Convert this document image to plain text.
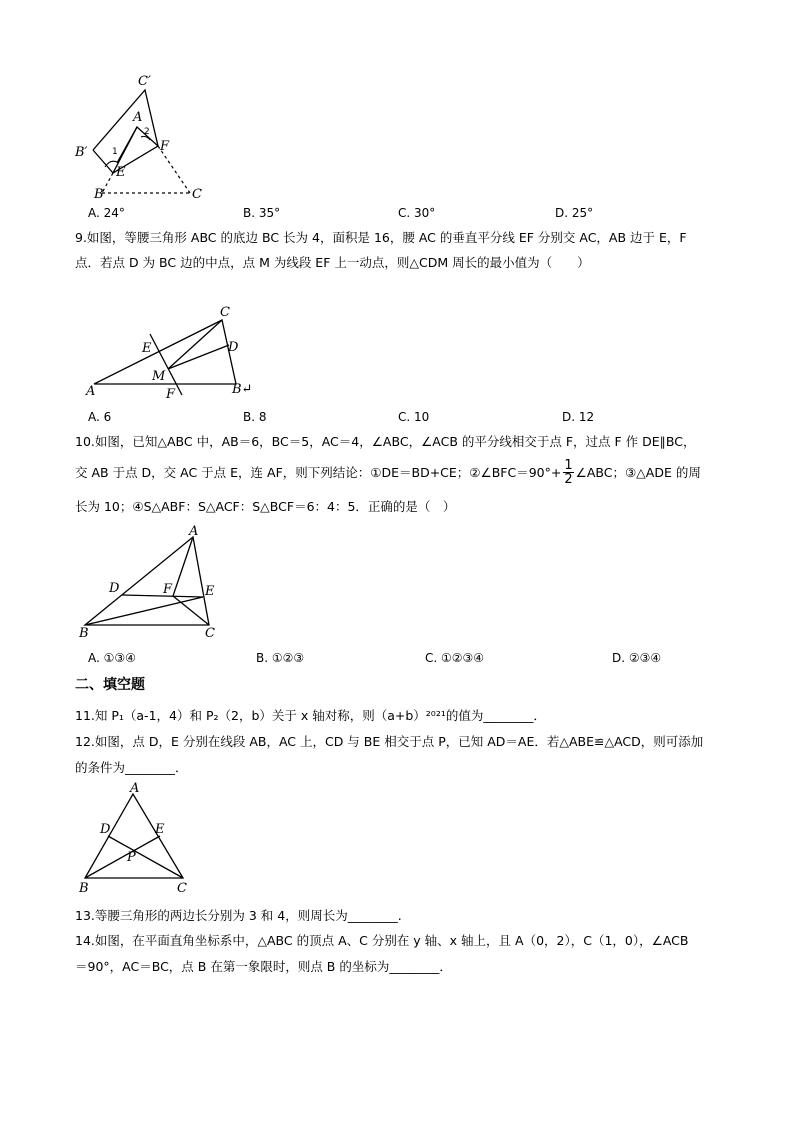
C′
A
B′	1
2
F
E
B	C
A. 24°	B. 35°	C. 30°	D. 25°
9.如图，等腰三角形 ABC 的底边 BC 长为 4，面积是 16，腰 AC 的垂直平分线 EF 分别交 AC，AB 边于 E，F
点．若点 D 为 BC 边的中点，点 M 为线段 EF 上一动点，则△CDM 周长的最小值为（　　）
C
E	D
M
A	F	B↵
A. 6	B. 8	C. 10	D. 12
10.如图，已知△ABC 中，AB＝6，BC＝5，AC＝4，∠ABC，∠ACB 的平分线相交于点 F，过点 F 作 DE∥BC，
交 AB 于点 D，交 AC 于点 E，连 AF，则下列结论：①DE＝BD+CE；②∠BFC＝90°+ $\frac{1}{2}$ ∠ABC；③△ADE 的周
长为 10；④S△ABF：S△ACF：S△BCF＝6：4：5．正确的是（　）
A
D	F	E
B	C
A. ①③④	B. ①②③	C. ①②③④	D. ②③④
二、填空题
11.知 P₁（a-1，4）和 P₂（2，b）关于 x 轴对称，则（a+b）²⁰²¹的值为________．
12.如图，点 D，E 分别在线段 AB，AC 上，CD 与 BE 相交于点 P，已知 AD＝AE．若△ABE≌△ACD，则可添加
的条件为________．
A
D	E
P
B	C
13.等腰三角形的两边长分别为 3 和 4，则周长为________.
14.如图，在平面直角坐标系中，△ABC 的顶点 A、C 分别在 y 轴、x 轴上，且 A（0，2），C（1，0），∠ACB
＝90°，AC＝BC，点 B 在第一象限时，则点 B 的坐标为________．
